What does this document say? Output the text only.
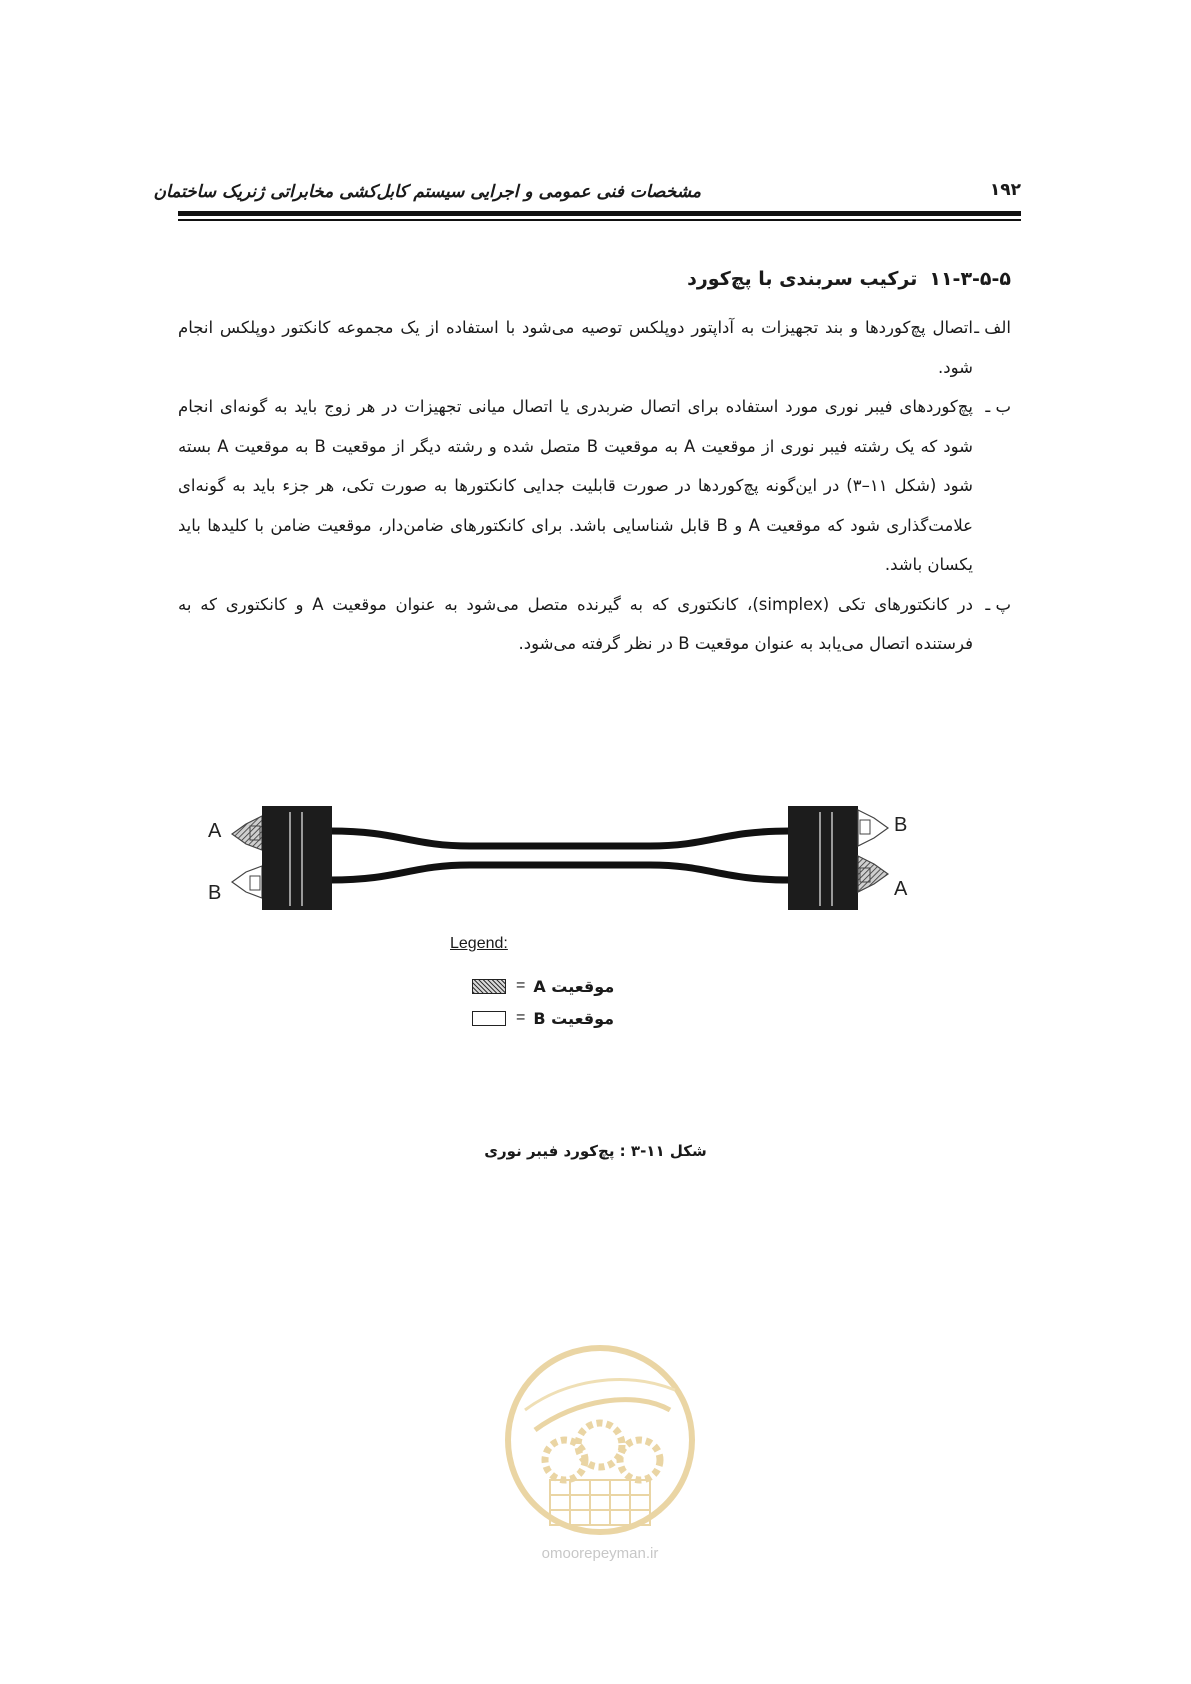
مشخصات فنی عمومی و اجرایی سیستم کابل‌کشی مخابراتی ژنریک ساختمان	۱۹۲
۱۱-۳-۵-۵ترکیب سربندی با پچ‌کورد
الف ـ
اتصال پچ‌کوردها و بند تجهیزات به آداپتور دوپلکس توصیه می‌شود با استفاده از یک مجموعه کانکتور دوپلکس انجام شود.
ب ـ
پچ‌کوردهای فیبر نوری مورد استفاده برای اتصال ضربدری یا اتصال میانی تجهیزات در هر زوج باید به گونه‌ای انجام شود که یک رشته فیبر نوری از موقعیت A به موقعیت B متصل شده و رشته دیگر از موقعیت B به موقعیت A بسته شود (شکل ۱۱–۳) در این‌گونه پچ‌کوردها در صورت قابلیت جدایی کانکتورها به صورت تکی، هر جزء باید به گونه‌ای علامت‌گذاری شود که موقعیت A و B قابل شناسایی باشد. برای کانکتورهای ضامن‌دار، موقعیت ضامن با کلیدها باید یکسان باشد.
پ ـ
در کانکتورهای تکی (simplex)، کانکتوری که به گیرنده متصل می‌شود به عنوان موقعیت A و کانکتوری که به فرستنده اتصال می‌یابد به عنوان موقعیت B در نظر گرفته می‌شود.
A
B
B
A
Legend:
= موقعیت A
= موقعیت B
شکل ۱۱-۳ : پچ‌کورد فیبر نوری
omoorepeyman.ir
